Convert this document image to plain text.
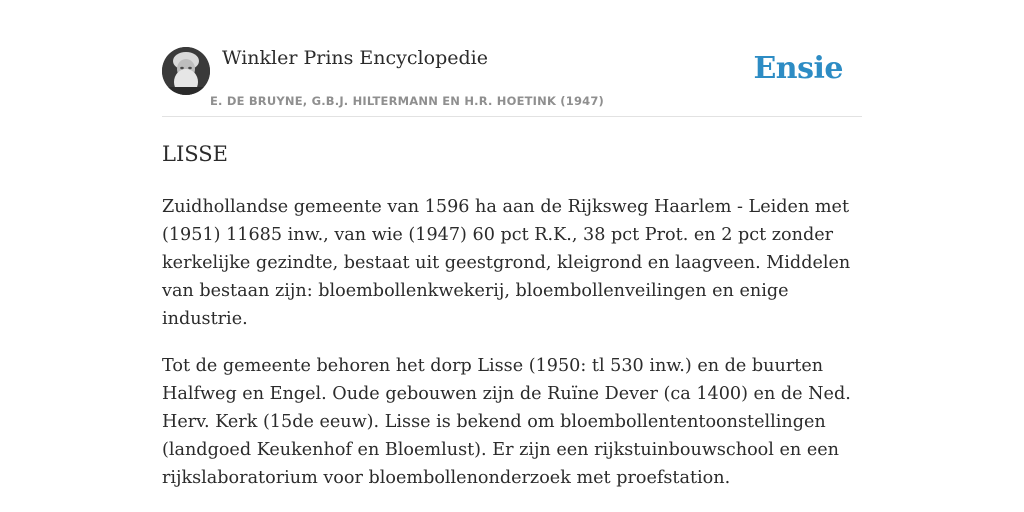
Winkler Prins Encyclopedie
E. DE BRUYNE, G.B.J. HILTERMANN EN H.R. HOETINK (1947)
Ensie
LISSE

Zuidhollandse gemeente van 1596 ha aan de Rijksweg Haarlem - Leiden met (1951) 11685 inw., van wie (1947) 60 pct R.K., 38 pct Prot. en 2 pct zonder kerkelijke gezindte, bestaat uit geestgrond, kleigrond en laagveen. Middelen van bestaan zijn: bloembollenkwekerij, bloembollenveilingen en enige industrie.

Tot de gemeente behoren het dorp Lisse (1950: tl 530 inw.) en de buurten Halfweg en Engel. Oude gebouwen zijn de Ruïne Dever (ca 1400) en de Ned. Herv. Kerk (15de eeuw). Lisse is bekend om bloembollententoonstellingen (landgoed Keukenhof en Bloemlust). Er zijn een rijkstuinbouwschool en een rijkslaboratorium voor bloembollenonderzoek met proefstation.
